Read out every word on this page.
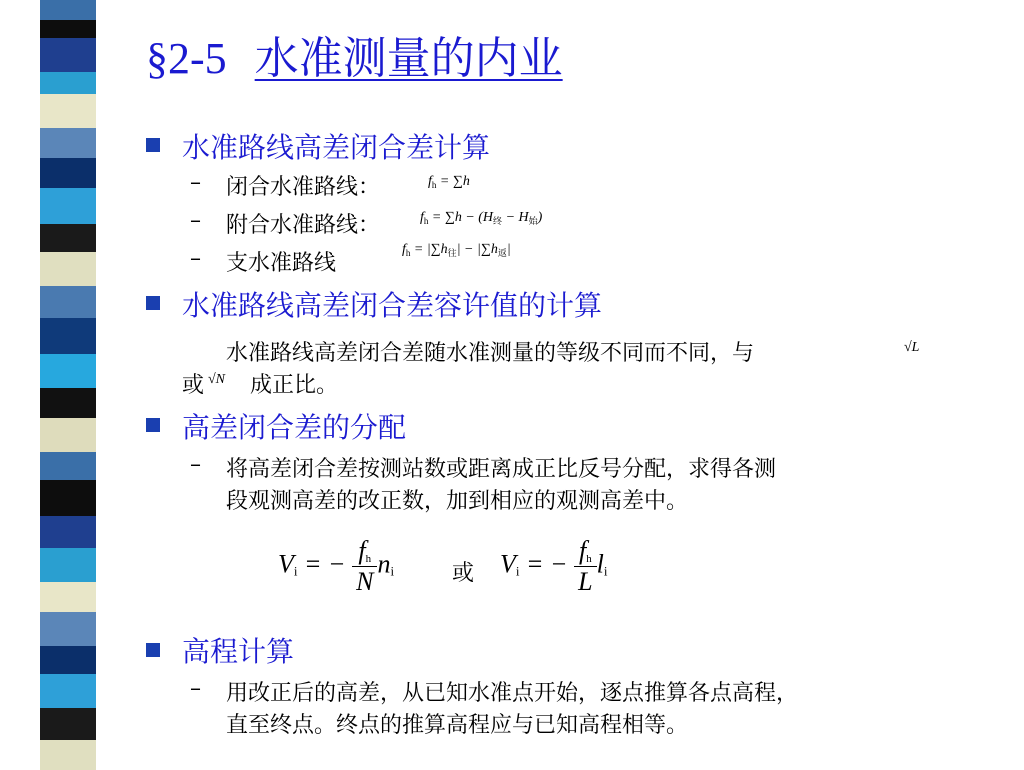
§2-5 水准测量的内业
水准路线高差闭合差计算
– 闭合水准路线：	$f_h = \sum h$
– 附合水准路线：	$f_h = \sum h - (H_终 - H_始)$
– 支水准路线
$f_h = |\sum h_往| - |\sum h_返|$
水准路线高差闭合差容许值的计算
水准路线高差闭合差随水准测量的等级不同而不同，与	√L
或 √N 成正比。
高差闭合差的分配
– 将高差闭合差按测站数或距离成正比反号分配，求得各测
段观测高差的改正数，加到相应的观测高差中。
$V_i$ = − $\frac{f_h}{N} n_i$	或 $V_i$ = − $\frac{f_h}{L} l_i$
高程计算
– 用改正后的高差，从已知水准点开始，逐点推算各点高程，
直至终点。终点的推算高程应与已知高程相等。
